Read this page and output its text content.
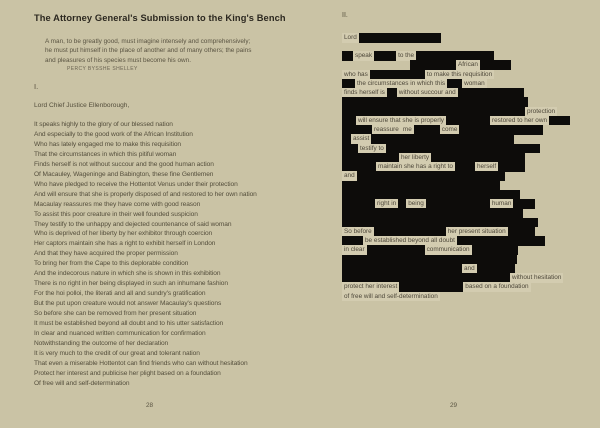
The Attorney General's Submission to the King's Bench
A man, to be greatly good, must imagine intensely and comprehensively;
he must put himself in the place of another and of many others; the pains
and pleasures of his species must become his own.
PERCY BYSSHE SHELLEY
I.
Lord Chief Justice Ellenborough,
It speaks highly to the glory of our blessed nation
And especially to the good work of the African Institution
Who has lately engaged me to make this requisition
That the circumstances in which this pitiful woman
Finds herself is not without succour and the good human action
Of Macauley, Wageninge and Babington, these fine Gentlemen
Who have pledged to receive the Hottentot Venus under their protection
And will ensure that she is properly disposed of and restored to her own nation
Macaulay reassures me they have come with good reason
To assist this poor creature in their well founded suspicion
They testify to the unhappy and dejected countenance of said woman
Who is deprived of her liberty by her exhibitor through coercion
Her captors maintain she has a right to exhibit herself in London
And that they have acquired the proper permission
To bring her from the Cape to this deplorable condition
And the indecorous nature in which she is shown in this exhibition
There is no right in her being displayed in such an inhumane fashion
For the hoi polloi, the literati and all and sundry's gratification
But the put upon creature would not answer Macaulay's questions
So before she can be removed from her present situation
It must be established beyond all doubt and to his utter satisfaction
In clear and nuanced written communication for confirmation
Notwithstanding the outcome of her declaration
It is very much to the credit of our great and tolerant nation
That even a miserable Hottentot can find friends who can without hesitation
Protect her interest and publicise her plight based on a foundation
Of free will and self-determination
28
II.
Lord
speak	to the
African
who has	to make this requisition
the circumstances in which this	woman
finds herself is	without succour and
protection
will ensure that she is properly	restored to her own
reassure me	come
assist
testify to
her liberty
maintain she has a right to	herself
and
right in	being	human
So before	her present situation
be established beyond all doubt
in clear	communication
and
without hesitation
protect her interest	based on a foundation
of free will and self-determination
29
